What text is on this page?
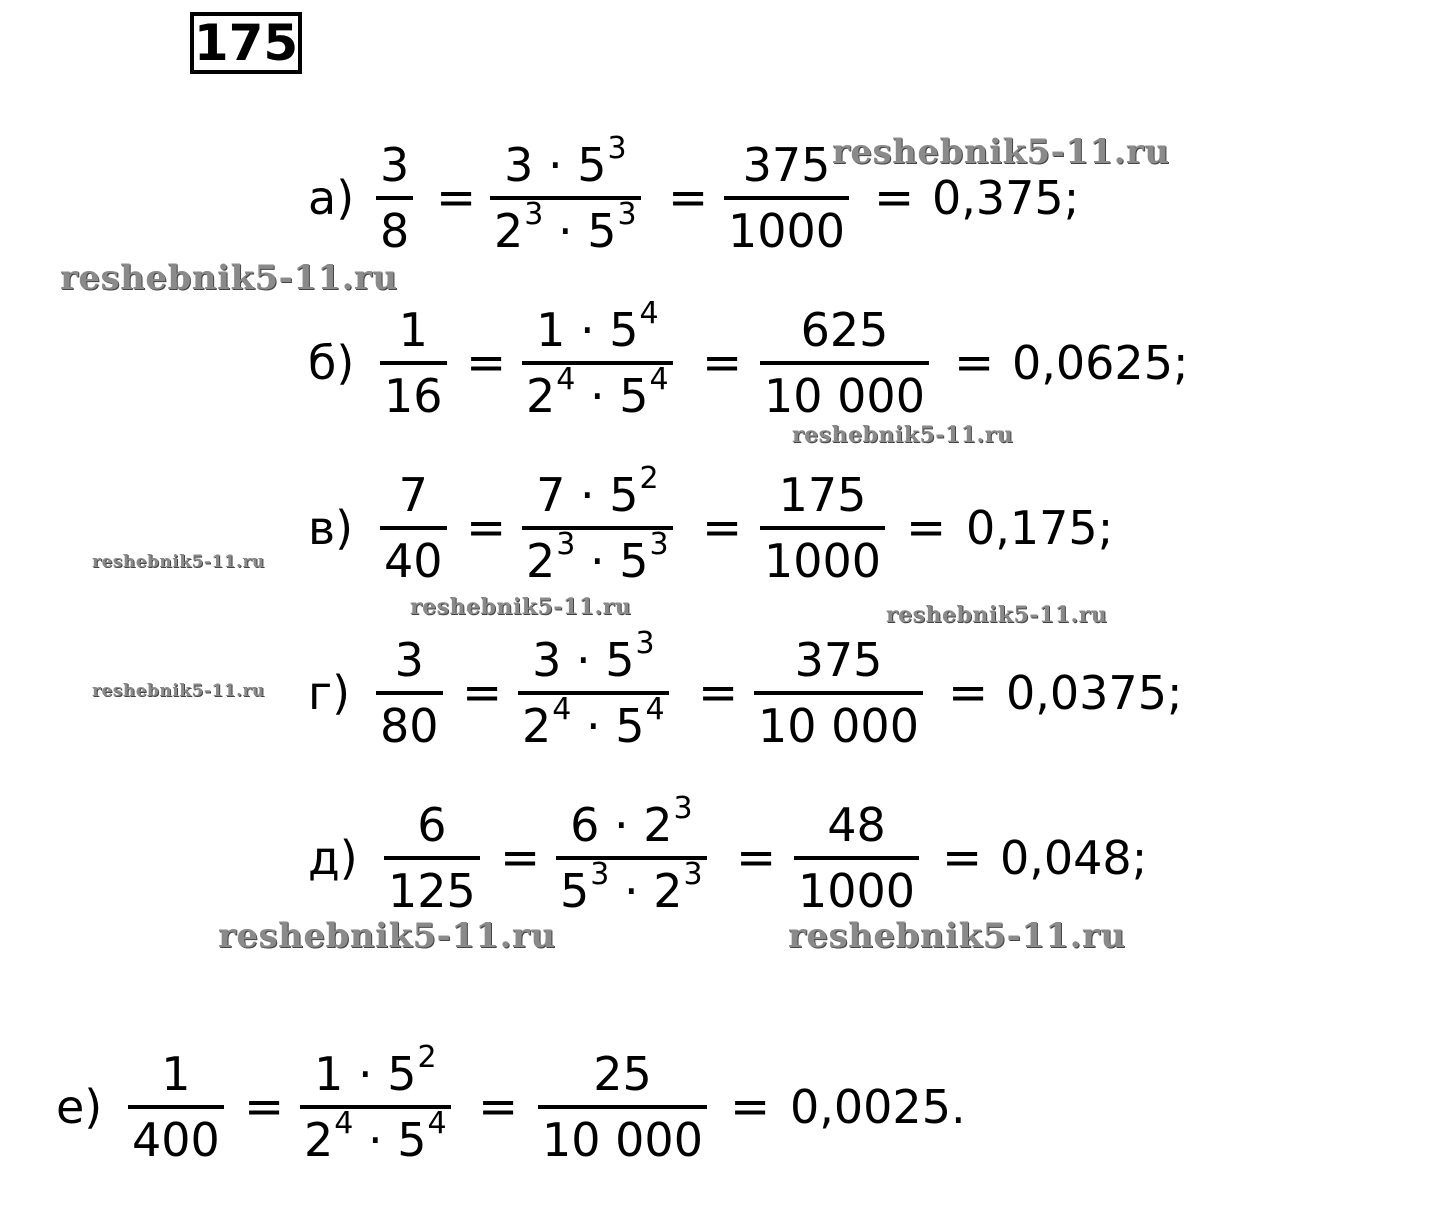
175
а)
3
8
=
$3 \cdot 5^3$
$2^3$
·
$5^3$ =
375
1000
= 0,375;
б)
1
16
=
$1 \cdot 5^4$
$2^4$
·
$5^4$ =
625
10 000
= 0,0625;
в)
7
40
=
$7 \cdot 5^2$
$2^3$
·
$5^3$ =
175
1000
= 0,175;
г)
3
80
=
$3 \cdot 5^3$
$2^4$
·
$5^4$ =
375
10 000
= 0,0375;
д)
6
125
=
$6 \cdot 2^3$
$5^3$
·
$2^3$ =
48
1000
= 0,048;
е)
1
400
=
$1 \cdot 5^2$
$2^4$
·
$5^4$ =
25
10 000
= 0,0025.
reshebnik5-11.ru
reshebnik5-11.ru
reshebnik5-11.ru
reshebnik5-11.ru
reshebnik5-11.ru	reshebnik5-11.ru
reshebnik5-11.ru
reshebnik5-11.ru	reshebnik5-11.ru
